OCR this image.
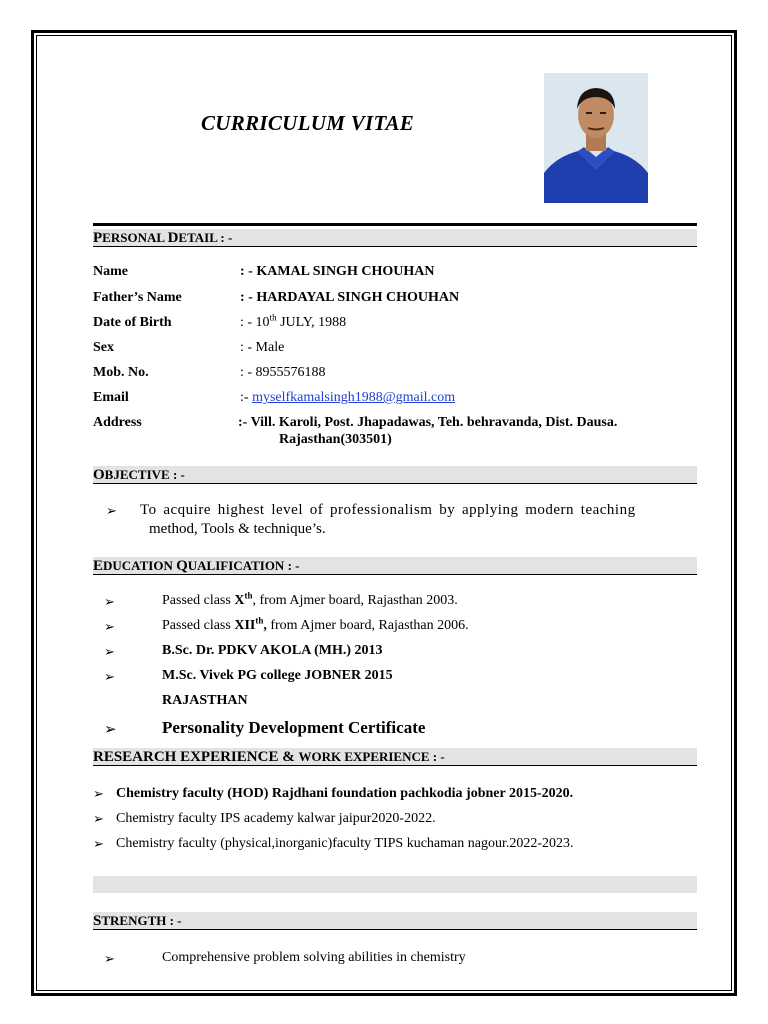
CURRICULUM VITAE
PERSONAL DETAIL : -
Name	: - KAMAL SINGH CHOUHAN
Father’s Name	: - HARDAYAL SINGH CHOUHAN
Date of Birth	: - 10th JULY, 1988
Sex	: - Male
Mob. No.	: - 8955576188
Email	:- myselfkamalsingh1988@gmail.com
Address	:- Vill. Karoli, Post. Jhapadawas, Teh. behravanda, Dist. Dausa.
Rajasthan(303501)
OBJECTIVE : -
➢ To acquire highest level of professionalism by applying modern teaching
method, Tools & technique’s.
EDUCATION QUALIFICATION : -
➢	Passed class Xth, from Ajmer board, Rajasthan 2003.
➢	Passed class XIIth, from Ajmer board, Rajasthan 2006.
➢	B.Sc. Dr. PDKV AKOLA (MH.) 2013
➢	M.Sc. Vivek PG college JOBNER 2015
RAJASTHAN
➢	Personality Development Certificate
RESEARCH EXPERIENCE & WORK EXPERIENCE : -
➢ Chemistry faculty (HOD) Rajdhani foundation pachkodia jobner 2015-2020.
➢ Chemistry faculty IPS academy kalwar jaipur2020-2022.
➢ Chemistry faculty (physical,inorganic)faculty TIPS kuchaman nagour.2022-2023.
STRENGTH : -
➢	Comprehensive problem solving abilities in chemistry
